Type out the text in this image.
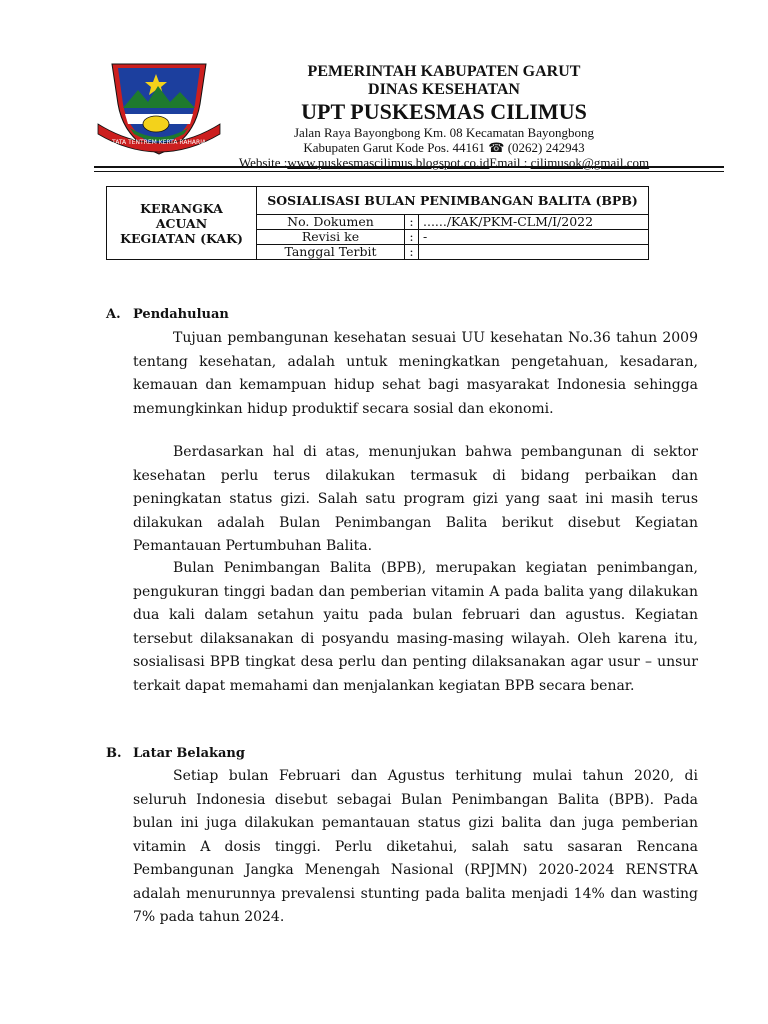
TATA TENTREM KERTA RAHARJA
PEMERINTAH KABUPATEN GARUT
DINAS KESEHATAN
UPT PUSKESMAS CILIMUS
Jalan Raya Bayongbong Km. 08 Kecamatan Bayongbong
Kabupaten Garut Kode Pos. 44161 ☎ (0262) 242943
Website :www.puskesmascilimus.blogspot.co.idEmail : cilimusok@gmail.com
KERANGKA
ACUAN
KEGIATAN (KAK)	SOSIALISASI BULAN PENIMBANGAN BALITA (BPB)		
	No. Dokumen	:	....../KAK/PKM-CLM/I/2022
	Revisi ke	:	-
	Tanggal Terbit	:	
A. Pendahuluan
Tujuan pembangunan kesehatan sesuai UU kesehatan No.36 tahun 2009 tentang kesehatan, adalah untuk meningkatkan pengetahuan, kesadaran, kemauan dan kemampuan hidup sehat bagi masyarakat Indonesia sehingga memungkinkan hidup produktif secara sosial dan ekonomi.
Berdasarkan hal di atas, menunjukan bahwa pembangunan di sektor kesehatan perlu terus dilakukan termasuk di bidang perbaikan dan peningkatan status gizi. Salah satu program gizi yang saat ini masih terus dilakukan adalah Bulan Penimbangan Balita berikut disebut Kegiatan Pemantauan Pertumbuhan Balita.
Bulan Penimbangan Balita (BPB), merupakan kegiatan penimbangan, pengukuran tinggi badan dan pemberian vitamin A pada balita yang dilakukan dua kali dalam setahun yaitu pada bulan februari dan agustus. Kegiatan tersebut dilaksanakan di posyandu masing-masing wilayah. Oleh karena itu, sosialisasi BPB tingkat desa perlu dan penting dilaksanakan agar usur – unsur terkait dapat memahami dan menjalankan kegiatan BPB secara benar.
B. Latar Belakang
Setiap bulan Februari dan Agustus terhitung mulai tahun 2020, di seluruh Indonesia disebut sebagai Bulan Penimbangan Balita (BPB). Pada bulan ini juga dilakukan pemantauan status gizi balita dan juga pemberian vitamin A dosis tinggi. Perlu diketahui, salah satu sasaran Rencana Pembangunan Jangka Menengah Nasional (RPJMN) 2020-2024 RENSTRA adalah menurunnya prevalensi stunting pada balita menjadi 14% dan wasting 7% pada tahun 2024.
